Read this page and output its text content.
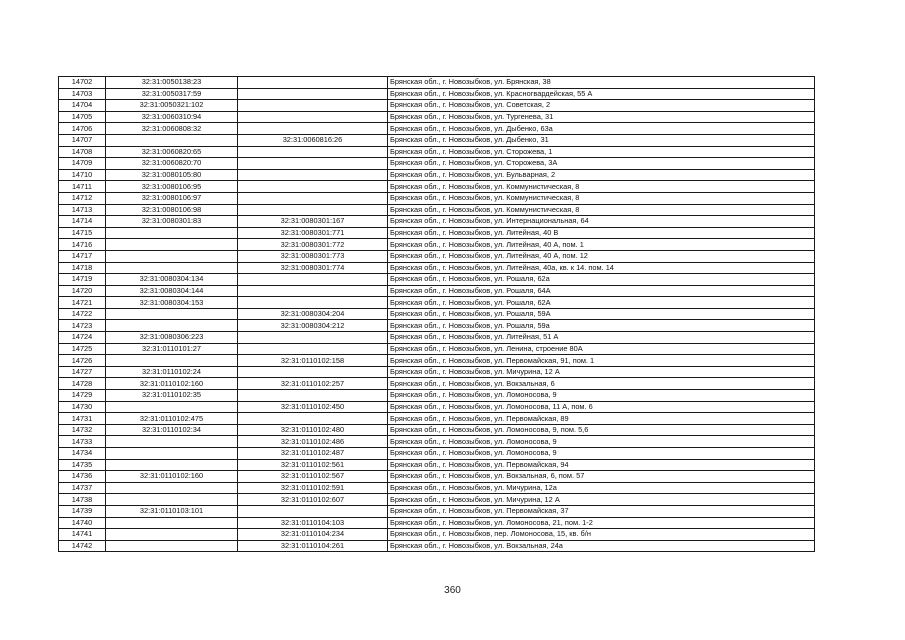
14702	32:31:0050138:23		Брянская обл., г. Новозыбков, ул. Брянская, 38
14703	32:31:0050317:59		Брянская обл., г. Новозыбков, ул. Красногвардейская, 55 А
14704	32:31:0050321:102		Брянская обл., г. Новозыбков, ул. Советская, 2
14705	32:31:0060310:94		Брянская обл., г. Новозыбков, ул. Тургенева, 31
14706	32:31:0060808:32		Брянская обл., г. Новозыбков, ул. Дыбенко, 63а
14707		32:31:0060816:26	Брянская обл., г. Новозыбков, ул. Дыбенко, 31
14708	32:31:0060820:65		Брянская обл., г. Новозыбков, ул. Сторожева, 1
14709	32:31:0060820:70		Брянская обл., г. Новозыбков, ул. Сторожева, 3А
14710	32:31:0080105:80		Брянская обл., г. Новозыбков, ул. Бульварная, 2
14711	32:31:0080106:95		Брянская обл., г. Новозыбков, ул. Коммунистическая, 8
14712	32:31:0080106:97		Брянская обл., г. Новозыбков, ул. Коммунистическая, 8
14713	32:31:0080106:98		Брянская обл., г. Новозыбков, ул. Коммунистическая, 8
14714	32:31:0080301:83	32:31:0080301:167	Брянская обл., г. Новозыбков, ул. Интернациональная, 64
14715		32:31:0080301:771	Брянская обл., г. Новозыбков, ул. Литейная, 40 В
14716		32:31:0080301:772	Брянская обл., г. Новозыбков, ул. Литейная, 40 А, пом. 1
14717		32:31:0080301:773	Брянская обл., г. Новозыбков, ул. Литейная, 40 А, пом. 12
14718		32:31:0080301:774	Брянская обл., г. Новозыбков, ул. Литейная, 40а, кв. к 14. пом. 14
14719	32:31:0080304:134		Брянская обл., г. Новозыбков, ул. Рошаля, 62а
14720	32:31:0080304:144		Брянская обл., г. Новозыбков, ул. Рошаля, 64А
14721	32:31:0080304:153		Брянская обл., г. Новозыбков, ул. Рошаля, 62А
14722		32:31:0080304:204	Брянская обл., г. Новозыбков, ул. Рошаля, 59А
14723		32:31:0080304:212	Брянская обл., г. Новозыбков, ул. Рошаля, 59а
14724	32:31:0080306:223		Брянская обл., г. Новозыбков, ул. Литейная, 51 А
14725	32:31:0110101:27		Брянская обл., г. Новозыбков, ул. Ленина, строение 80А
14726		32:31:0110102:158	Брянская обл., г. Новозыбков, ул. Первомайская, 91, пом. 1
14727	32:31:0110102:24		Брянская обл., г. Новозыбков, ул. Мичурина, 12 А
14728	32:31:0110102:160	32:31:0110102:257	Брянская обл., г. Новозыбков, ул. Вокзальная, 6
14729	32:31:0110102:35		Брянская обл., г. Новозыбков, ул. Ломоносова, 9
14730		32:31:0110102:450	Брянская обл., г. Новозыбков, ул. Ломоносова, 11 А, пом. 6
14731	32:31:0110102:475		Брянская обл., г. Новозыбков, ул. Первомайская, 89
14732	32:31:0110102:34	32:31:0110102:480	Брянская обл., г. Новозыбков, ул. Ломоносова, 9, пом. 5,6
14733		32:31:0110102:486	Брянская обл., г. Новозыбков, ул. Ломоносова, 9
14734		32:31:0110102:487	Брянская обл., г. Новозыбков, ул. Ломоносова, 9
14735		32:31:0110102:561	Брянская обл., г. Новозыбков, ул. Первомайская, 94
14736	32:31:0110102:160	32:31:0110102:567	Брянская обл., г. Новозыбков, ул. Вокзальная, 6, пом. 57
14737		32:31:0110102:591	Брянская обл., г. Новозыбков, ул. Мичурина, 12а
14738		32:31:0110102:607	Брянская обл., г. Новозыбков, ул. Мичурина, 12 А
14739	32:31:0110103:101		Брянская обл., г. Новозыбков, ул. Первомайская, 37
14740		32:31:0110104:103	Брянская обл., г. Новозыбков, ул. Ломоносова, 21, пом. 1-2
14741		32:31:0110104:234	Брянская обл., г. Новозыбков, пер. Ломоносова, 15, кв. б/н
14742		32:31:0110104:261	Брянская обл., г. Новозыбков, ул. Вокзальная, 24а
360
